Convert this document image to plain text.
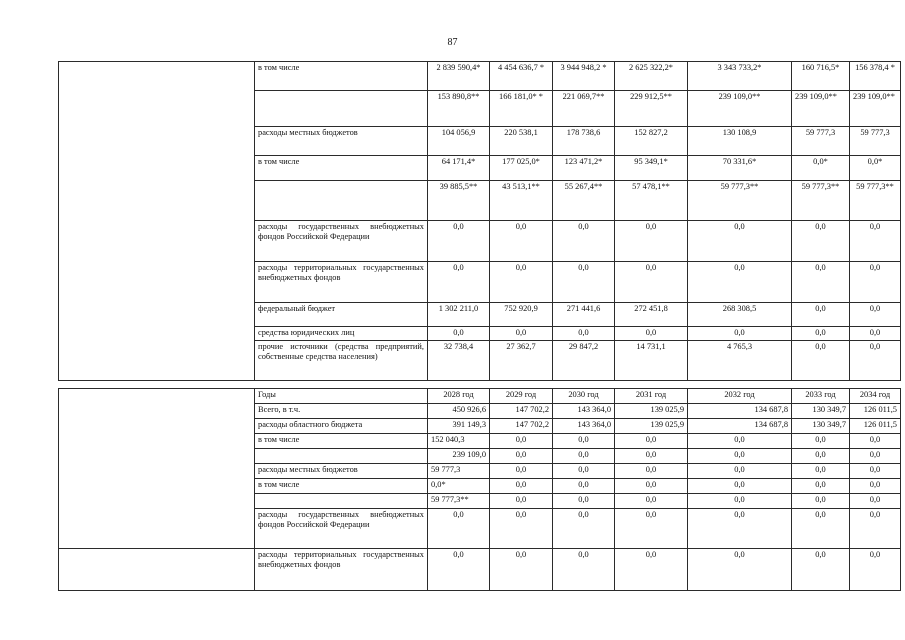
87
	в том числе	2 839 590,4*	4 454 636,7 *	3 944 948,2 *	2 625 322,2*	3 343 733,2*	160 716,5*	156 378,4 *
		153 890,8**	166 181,0* *	221 069,7**	229 912,5**	239 109,0**	239 109,0**	239 109,0**
	расходы местных бюджетов	104 056,9	220 538,1	178 738,6	152 827,2	130 108,9	59 777,3	59 777,3
	в том числе	64 171,4*	177 025,0*	123 471,2*	95 349,1*	70 331,6*	0,0*	0,0*
		39 885,5**	43 513,1**	55 267,4**	57 478,1**	59 777,3**	59 777,3**	59 777,3**
	расходы государственных внебюджетных фондов Российской Федерации	0,0	0,0	0,0	0,0	0,0	0,0	0,0
	расходы территориальных государственных внебюджетных фондов	0,0	0,0	0,0	0,0	0,0	0,0	0,0
	федеральный бюджет	1 302 211,0	752 920,9	271 441,6	272 451,8	268 308,5	0,0	0,0
	средства юридических лиц	0,0	0,0	0,0	0,0	0,0	0,0	0,0
	прочие источники (средства предприятий, собственные средства населения)	32 738,4	27 362,7	29 847,2	14 731,1	4 765,3	0,0	0,0
	Годы	2028 год	2029 год	2030 год	2031 год	2032 год	2033 год	2034 год
	Всего, в т.ч.	450 926,6	147 702,2	143 364,0	139 025,9	134 687,8	130 349,7	126 011,5
	расходы областного бюджета	391 149,3	147 702,2	143 364,0	139 025,9	134 687,8	130 349,7	126 011,5
	в том числе	152 040,3	0,0	0,0	0,0	0,0	0,0	0,0
		239 109,0	0,0	0,0	0,0	0,0	0,0	0,0
	расходы местных бюджетов	59 777,3	0,0	0,0	0,0	0,0	0,0	0,0
	в том числе	0,0*	0,0	0,0	0,0	0,0	0,0	0,0
		59 777,3**	0,0	0,0	0,0	0,0	0,0	0,0
	расходы государственных внебюджетных фондов Российской Федерации	0,0	0,0	0,0	0,0	0,0	0,0	0,0
	расходы территориальных государственных внебюджетных фондов	0,0	0,0	0,0	0,0	0,0	0,0	0,0
